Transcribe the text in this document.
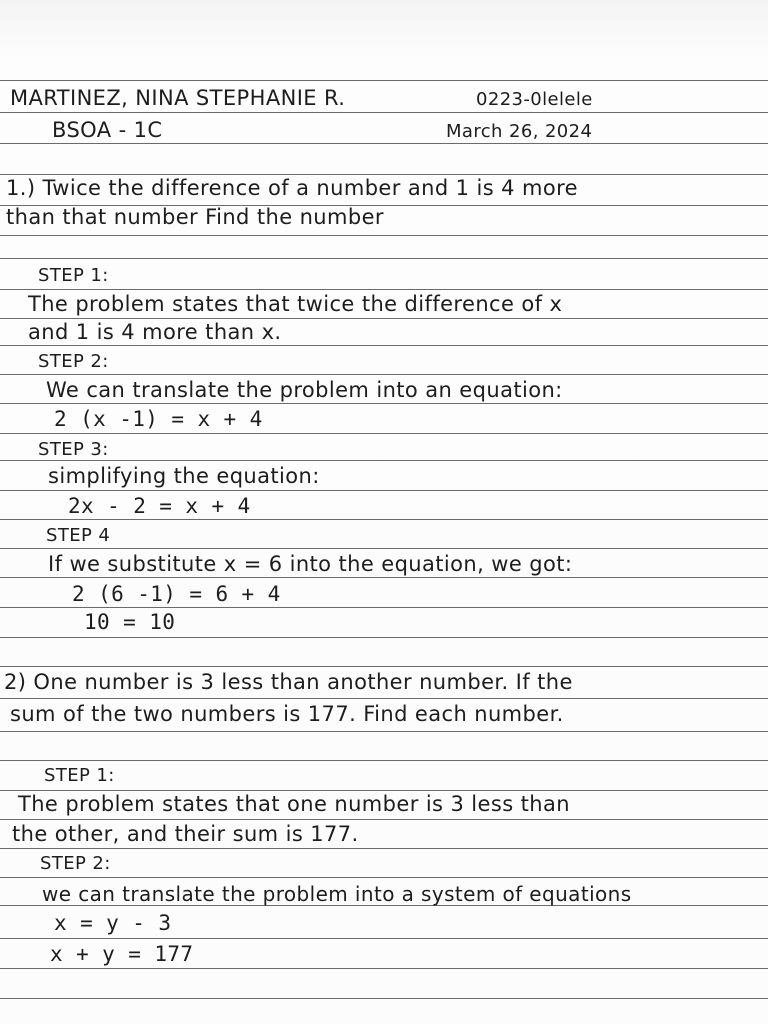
MARTINEZ, NINA STEPHANIE R.	0223-0lelele
BSOA - 1C	March 26, 2024
1.) Twice the difference of a number and 1 is 4 more
than that number Find the number
STEP 1:
The problem states that twice the difference of x
and 1 is 4 more than x.
STEP 2:
We can translate the problem into an equation:
2 (x -1) = x + 4
STEP 3:
simplifying the equation:
2x - 2 = x + 4
STEP 4
If we substitute x = 6 into the equation, we got:
2 (6 -1) = 6 + 4
10 = 10
2) One number is 3 less than another number. If the
sum of the two numbers is 177. Find each number.
STEP 1:
The problem states that one number is 3 less than
the other, and their sum is 177.
STEP 2:
we can translate the problem into a system of equations
x = y - 3
x + y = 177
